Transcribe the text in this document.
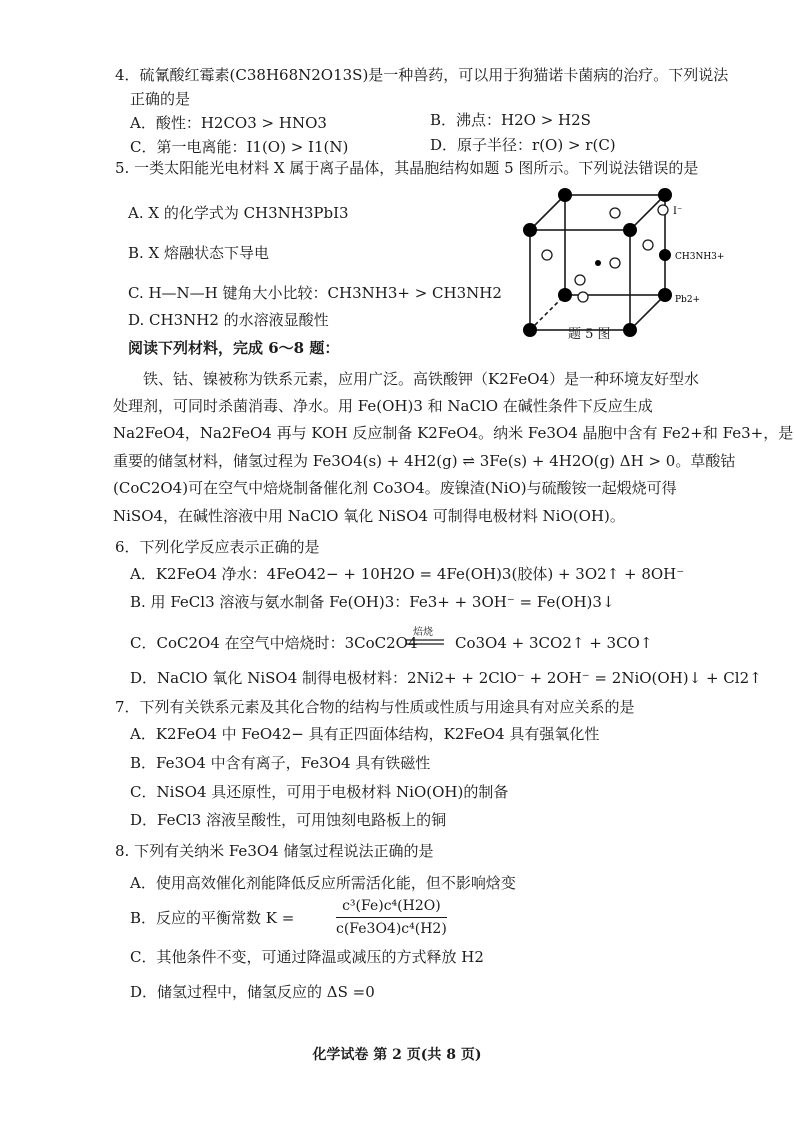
4．硫氰酸红霉素(C38H68N2O13S)是一种兽药，可以用于狗猫诺卡菌病的治疗。下列说法
正确的是
A．酸性：H2CO3 > HNO3	B．沸点：H2O > H2S
C．第一电离能：I1(O) > I1(N)	D．原子半径：r(O) > r(C)
5. 一类太阳能光电材料 X 属于离子晶体，其晶胞结构如题 5 图所示。下列说法错误的是
A. X 的化学式为 CH3NH3PbI3
B. X 熔融状态下导电
C. H—N—H 键角大小比较：CH3NH3+ > CH3NH2
D. CH3NH2 的水溶液显酸性
I⁻
CH3NH3+
Pb2+
题 5 图
阅读下列材料，完成 6～8 题：
铁、钴、镍被称为铁系元素，应用广泛。高铁酸钾（K2FeO4）是一种环境友好型水
处理剂，可同时杀菌消毒、净水。用 Fe(OH)3 和 NaClO 在碱性条件下反应生成
Na2FeO4，Na2FeO4 再与 KOH 反应制备 K2FeO4。纳米 Fe3O4 晶胞中含有 Fe2+和 Fe3+，是
重要的储氢材料，储氢过程为 Fe3O4(s) + 4H2(g) ⇌ 3Fe(s) + 4H2O(g) ΔH > 0。草酸钴
(CoC2O4)可在空气中焙烧制备催化剂 Co3O4。废镍渣(NiO)与硫酸铵一起煅烧可得
NiSO4，在碱性溶液中用 NaClO 氧化 NiSO4 可制得电极材料 NiO(OH)。
6．下列化学反应表示正确的是
A．K2FeO4 净水：4FeO42− + 10H2O = 4Fe(OH)3(胶体) + 3O2↑ + 8OH⁻
B. 用 FeCl3 溶液与氨水制备 Fe(OH)3：Fe3+ + 3OH⁻ = Fe(OH)3↓
C．CoC2O4 在空气中焙烧时：3CoC2O4
焙烧
Co3O4 + 3CO2↑ + 3CO↑
D．NaClO 氧化 NiSO4 制得电极材料：2Ni2+ + 2ClO⁻ + 2OH⁻ = 2NiO(OH)↓ + Cl2↑
7．下列有关铁系元素及其化合物的结构与性质或性质与用途具有对应关系的是
A．K2FeO4 中 FeO42− 具有正四面体结构，K2FeO4 具有强氧化性
B．Fe3O4 中含有离子，Fe3O4 具有铁磁性
C．NiSO4 具还原性，可用于电极材料 NiO(OH)的制备
D．FeCl3 溶液呈酸性，可用蚀刻电路板上的铜
8. 下列有关纳米 Fe3O4 储氢过程说法正确的是
A．使用高效催化剂能降低反应所需活化能，但不影响焓变
B．反应的平衡常数 K =	$\frac{\text{c³(Fe)c⁴(H2O)}}{\text{c(Fe3O4)c⁴(H2)}}$
C．其他条件不变，可通过降温或减压的方式释放 H2
D．储氢过程中，储氢反应的 ΔS =0
化学试卷 第 2 页(共 8 页)
